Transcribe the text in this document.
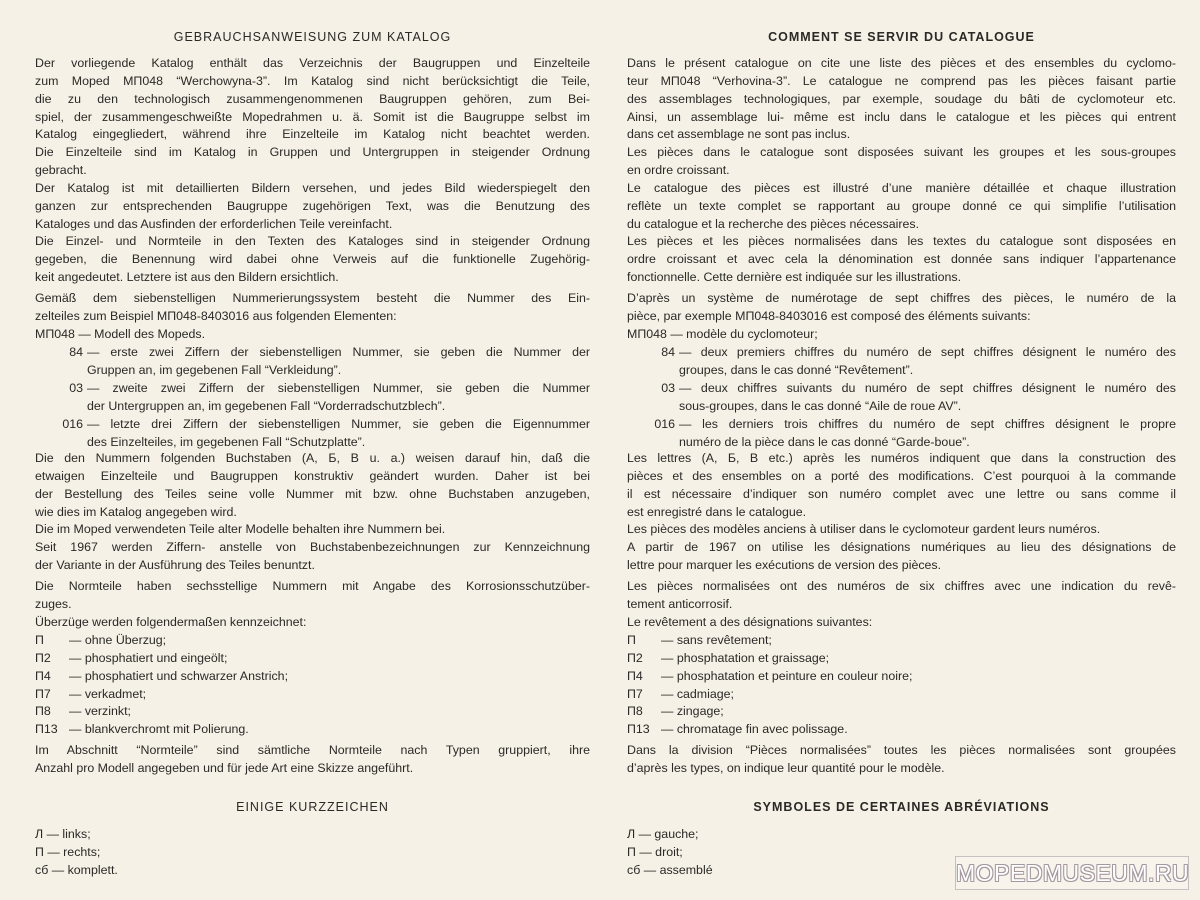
GEBRAUCHSANWEISUNG ZUM KATALOG
Der vorliegende Katalog enthält das Verzeichnis der Baugruppen und Einzelteile
zum Moped МП048 “Werchowyna-3”. Im Katalog sind nicht berücksichtigt die Teile,
die zu den technologisch zusammengenommenen Baugruppen gehören, zum Bei-
spiel, der zusammengeschweißte Mopedrahmen u. ä. Somit ist die Baugruppe selbst im
Katalog eingegliedert, während ihre Einzelteile im Katalog nicht beachtet werden.
Die Einzelteile sind im Katalog in Gruppen und Untergruppen in steigender Ordnung
gebracht.
Der Katalog ist mit detaillierten Bildern versehen, und jedes Bild wiederspiegelt den
ganzen zur entsprechenden Baugruppe zugehörigen Text, was die Benutzung des
Kataloges und das Ausfinden der erforderlichen Teile vereinfacht.
Die Einzel- und Normteile in den Texten des Kataloges sind in steigender Ordnung
gegeben, die Benennung wird dabei ohne Verweis auf die funktionelle Zugehörig-
keit angedeutet. Letztere ist aus den Bildern ersichtlich.
Gemäß dem siebenstelligen Nummerierungssystem besteht die Nummer des Ein-
zelteiles zum Beispiel МП048-8403016 aus folgenden Elementen:
МП048 — Modell des Mopeds.
84 — erste zwei Ziffern der siebenstelligen Nummer, sie geben die Nummer der
Gruppen an, im gegebenen Fall “Verkleidung”.
03 — zweite zwei Ziffern der siebenstelligen Nummer, sie geben die Nummer
der Untergruppen an, im gegebenen Fall “Vorderradschutzblech”.
016 — letzte drei Ziffern der siebenstelligen Nummer, sie geben die Eigennummer
des Einzelteiles, im gegebenen Fall “Schutzplatte”.
Die den Nummern folgenden Buchstaben (А, Б, В u. a.) weisen darauf hin, daß die
etwaigen Einzelteile und Baugruppen konstruktiv geändert wurden. Daher ist bei
der Bestellung des Teiles seine volle Nummer mit bzw. ohne Buchstaben anzugeben,
wie dies im Katalog angegeben wird.
Die im Moped verwendeten Teile alter Modelle behalten ihre Nummern bei.
Seit 1967 werden Ziffern- anstelle von Buchstabenbezeichnungen zur Kennzeichnung
der Variante in der Ausführung des Teiles benuntzt.
Die Normteile haben sechsstellige Nummern mit Angabe des Korrosionsschutzüber-
zuges.
Überzüge werden folgendermaßen kennzeichnet:
П — ohne Überzug;
П2 — phosphatiert und eingeölt;
П4 — phosphatiert und schwarzer Anstrich;
П7 — verkadmet;
П8 — verzinkt;
П13 — blankverchromt mit Polierung.
Im Abschnitt “Normteile” sind sämtliche Normteile nach Typen gruppiert, ihre
Anzahl pro Modell angegeben und für jede Art eine Skizze angeführt.
EINIGE KURZZEICHEN
Л — links;
П — rechts;
сб — komplett.
COMMENT SE SERVIR DU CATALOGUE
Dans le présent catalogue on cite une liste des pièces et des ensembles du cyclomo-
teur МП048 “Verhovina-3”. Le catalogue ne comprend pas les pièces faisant partie
des assemblages technologiques, par exemple, soudage du bâti de cyclomoteur etc.
Ainsi, un assemblage lui- même est inclu dans le catalogue et les pièces qui entrent
dans cet assemblage ne sont pas inclus.
Les pièces dans le catalogue sont disposées suivant les groupes et les sous-groupes
en ordre croissant.
Le catalogue des pièces est illustré d’une manière détaillée et chaque illustration
reflète un texte complet se rapportant au groupe donné ce qui simplifie l’utilisation
du catalogue et la recherche des pièces nécessaires.
Les pièces et les pièces normalisées dans les textes du catalogue sont disposées en
ordre croissant et avec cela la dénomination est donnée sans indiquer l’appartenance
fonctionnelle. Cette dernière est indiquée sur les illustrations.
D’après un système de numérotage de sept chiffres des pièces, le numéro de la
pièce, par exemple МП048-8403016 est composé des éléments suivants:
МП048 — modèle du cyclomoteur;
84 — deux premiers chiffres du numéro de sept chiffres désignent le numéro des
groupes, dans le cas donné “Revêtement”.
03 — deux chiffres suivants du numéro de sept chiffres désignent le numéro des
sous-groupes, dans le cas donné “Aile de roue AV”.
016 — les derniers trois chiffres du numéro de sept chiffres désignent le propre
numéro de la pièce dans le cas donné “Garde-boue”.
Les lettres (А, Б, В etc.) après les numéros indiquent que dans la construction des
pièces et des ensembles on a porté des modifications. C’est pourquoi à la commande
il est nécessaire d’indiquer son numéro complet avec une lettre ou sans comme il
est enregistré dans le catalogue.
Les pièces des modèles anciens à utiliser dans le cyclomoteur gardent leurs numéros.
A partir de 1967 on utilise les désignations numériques au lieu des désignations de
lettre pour marquer les exécutions de version des pièces.
Les pièces normalisées ont des numéros de six chiffres avec une indication du revê-
tement anticorrosif.
Le revêtement a des désignations suivantes:
П — sans revêtement;
П2 — phosphatation et graissage;
П4 — phosphatation et peinture en couleur noire;
П7 — cadmiage;
П8 — zingage;
П13 — chromatage fin avec polissage.
Dans la division “Pièces normalisées” toutes les pièces normalisées sont groupées
d’après les types, on indique leur quantité pour le modèle.
SYMBOLES DE CERTAINES ABRÉVIATIONS
Л — gauche;
П — droit;
сб — assemblé	MOPEDMUSEUM.RU
